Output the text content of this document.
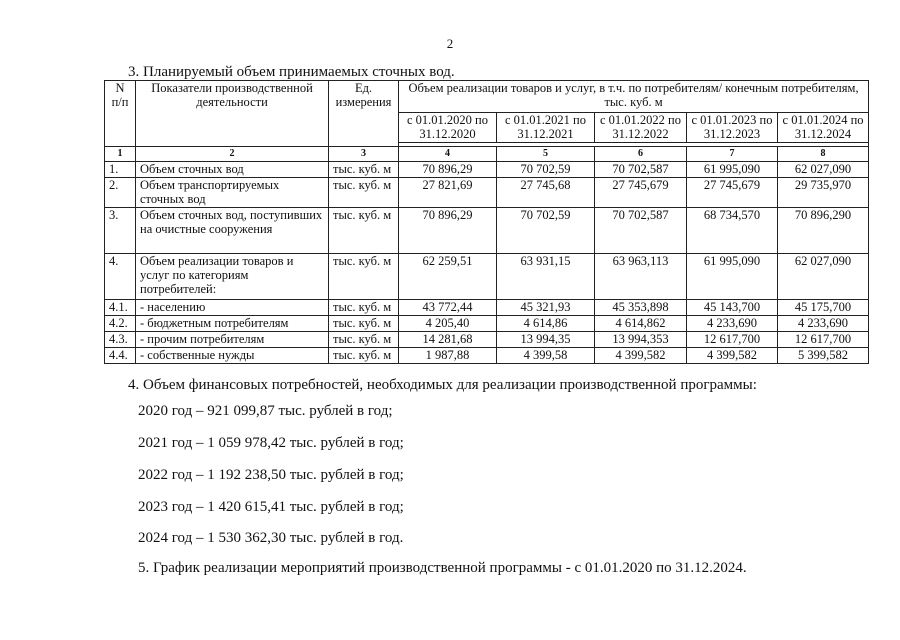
2
3. Планируемый объем принимаемых сточных вод.
N п/п	Показатели производственной деятельности	Ед. измерения	Объем реализации товаров и услуг, в т.ч. по потребителям/ конечным потребителям, тыс. куб. м				
			с 01.01.2020 по 31.12.2020	с 01.01.2021 по 31.12.2021	с 01.01.2022 по 31.12.2022	с 01.01.2023 по 31.12.2023	с 01.01.2024 по 31.12.2024

1	2	3	4	5	6	7	8
1.	Объем сточных вод	тыс. куб. м	70 896,29	70 702,59	70 702,587	61 995,090	62 027,090
2.	Объем транспортируемых сточных вод	тыс. куб. м	27 821,69	27 745,68	27 745,679	27 745,679	29 735,970
3.	Объем сточных вод, поступивших на очистные сооружения	тыс. куб. м	70 896,29	70 702,59	70 702,587	68 734,570	70 896,290
4.	Объем реализации товаров и услуг по категориям потребителей:	тыс. куб. м	62 259,51	63 931,15	63 963,113	61 995,090	62 027,090
4.1.	- населению	тыс. куб. м	43 772,44	45 321,93	45 353,898	45 143,700	45 175,700
4.2.	- бюджетным потребителям	тыс. куб. м	4 205,40	4 614,86	4 614,862	4 233,690	4 233,690
4.3.	- прочим потребителям	тыс. куб. м	14 281,68	13 994,35	13 994,353	12 617,700	12 617,700
4.4.	- собственные нужды	тыс. куб. м	1 987,88	4 399,58	4 399,582	4 399,582	5 399,582
4. Объем финансовых потребностей, необходимых для реализации производственной программы:
2020 год – 921 099,87 тыс. рублей в год;
2021 год – 1 059 978,42 тыс. рублей в год;
2022 год – 1 192 238,50 тыс. рублей в год;
2023 год – 1 420 615,41 тыс. рублей в год;
2024 год – 1 530 362,30 тыс. рублей в год.
5. График реализации мероприятий производственной программы - с 01.01.2020 по 31.12.2024.
